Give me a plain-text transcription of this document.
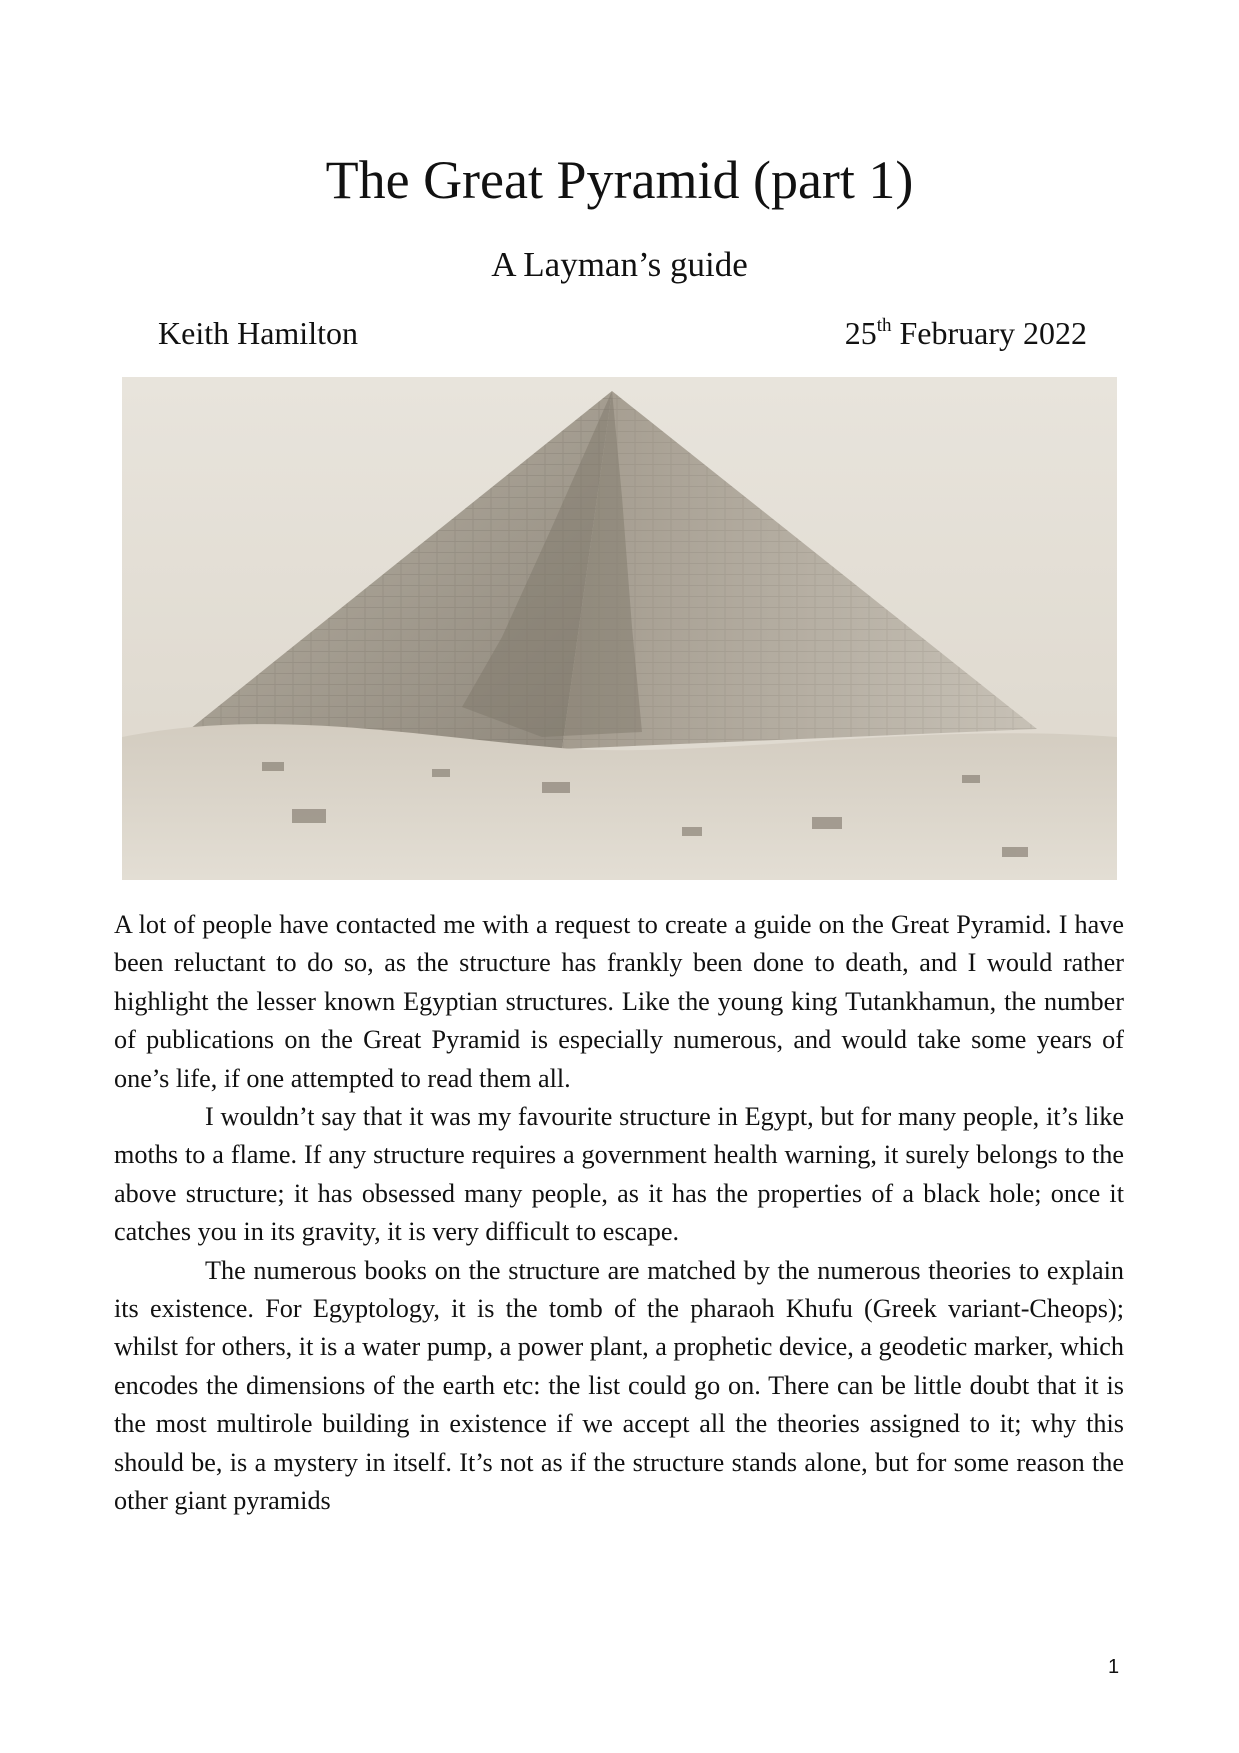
The Great Pyramid (part 1)
A Layman’s guide
Keith Hamilton	25th February 2022

A lot of people have contacted me with a request to create a guide on the Great Pyramid. I have been reluctant to do so, as the structure has frankly been done to death, and I would rather highlight the lesser known Egyptian structures. Like the young king Tutankhamun, the number of publications on the Great Pyramid is especially numerous, and would take some years of one’s life, if one attempted to read them all.

I wouldn’t say that it was my favourite structure in Egypt, but for many people, it’s like moths to a flame. If any structure requires a government health warning, it surely belongs to the above structure; it has obsessed many people, as it has the properties of a black hole; once it catches you in its gravity, it is very difficult to escape.

The numerous books on the structure are matched by the numerous theories to explain its existence. For Egyptology, it is the tomb of the pharaoh Khufu (Greek variant-Cheops); whilst for others, it is a water pump, a power plant, a prophetic device, a geodetic marker, which encodes the dimensions of the earth etc: the list could go on. There can be little doubt that it is the most multirole building in existence if we accept all the theories assigned to it; why this should be, is a mystery in itself. It’s not as if the structure stands alone, but for some reason the other giant pyramids

1
